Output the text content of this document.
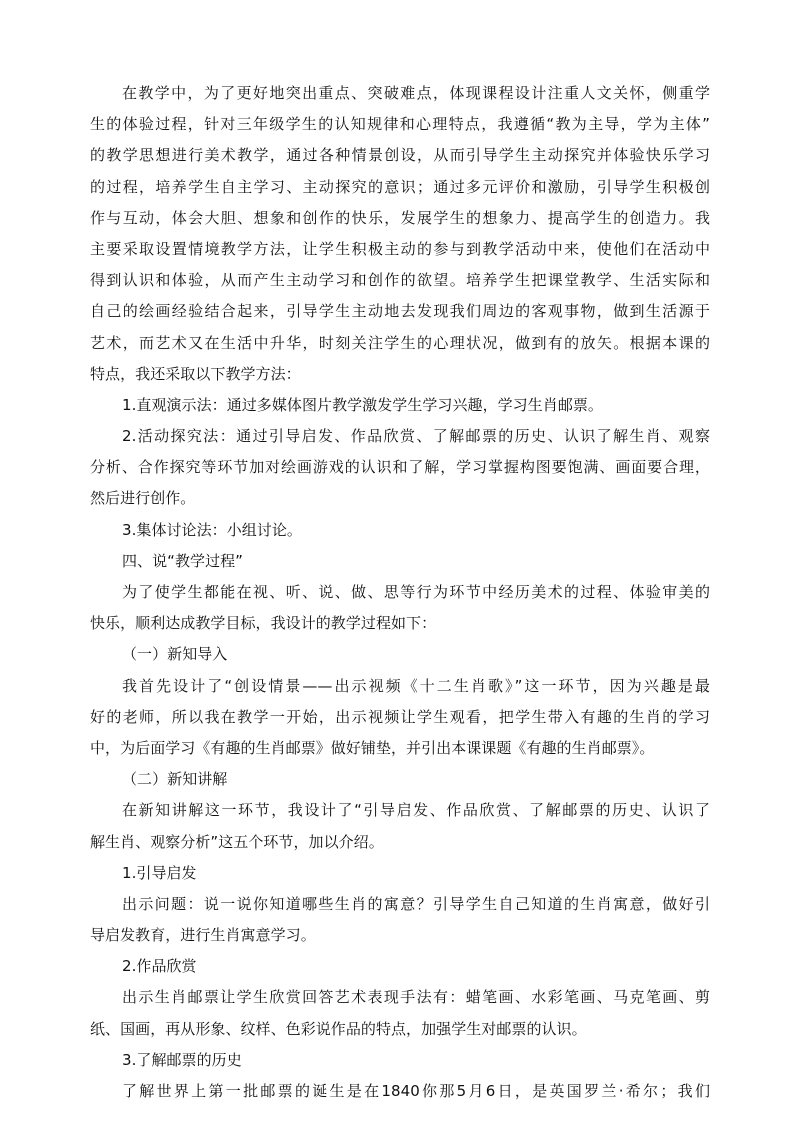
在教学中，为了更好地突出重点、突破难点，体现课程设计注重人文关怀，侧重学
生的体验过程，针对三年级学生的认知规律和心理特点，我遵循“教为主导，学为主体”
的教学思想进行美术教学，通过各种情景创设，从而引导学生主动探究并体验快乐学习
的过程，培养学生自主学习、主动探究的意识；通过多元评价和激励，引导学生积极创
作与互动，体会大胆、想象和创作的快乐，发展学生的想象力、提高学生的创造力。我
主要采取设置情境教学方法，让学生积极主动的参与到教学活动中来，使他们在活动中
得到认识和体验，从而产生主动学习和创作的欲望。培养学生把课堂教学、生活实际和
自己的绘画经验结合起来，引导学生主动地去发现我们周边的客观事物，做到生活源于
艺术，而艺术又在生活中升华，时刻关注学生的心理状况，做到有的放矢。根据本课的
特点，我还采取以下教学方法：
1.直观演示法：通过多媒体图片教学激发学生学习兴趣，学习生肖邮票。
2.活动探究法：通过引导启发、作品欣赏、了解邮票的历史、认识了解生肖、观察
分析、合作探究等环节加对绘画游戏的认识和了解，学习掌握构图要饱满、画面要合理，
然后进行创作。
3.集体讨论法：小组讨论。
四、说“教学过程”
为了使学生都能在视、听、说、做、思等行为环节中经历美术的过程、体验审美的
快乐，顺利达成教学目标，我设计的教学过程如下：
（一）新知导入
我首先设计了“创设情景——出示视频《十二生肖歌》”这一环节，因为兴趣是最
好的老师，所以我在教学一开始，出示视频让学生观看，把学生带入有趣的生肖的学习
中，为后面学习《有趣的生肖邮票》做好铺垫，并引出本课课题《有趣的生肖邮票》。
（二）新知讲解
在新知讲解这一环节，我设计了“引导启发、作品欣赏、了解邮票的历史、认识了
解生肖、观察分析”这五个环节，加以介绍。
1.引导启发
出示问题：说一说你知道哪些生肖的寓意？引导学生自己知道的生肖寓意，做好引
导启发教育，进行生肖寓意学习。
2.作品欣赏
出示生肖邮票让学生欣赏回答艺术表现手法有：蜡笔画、水彩笔画、马克笔画、剪
纸、国画，再从形象、纹样、色彩说作品的特点，加强学生对邮票的认识。
3.了解邮票的历史
了解世界上第一批邮票的诞生是在1840你那5月6日，是英国罗兰·希尔；我们
